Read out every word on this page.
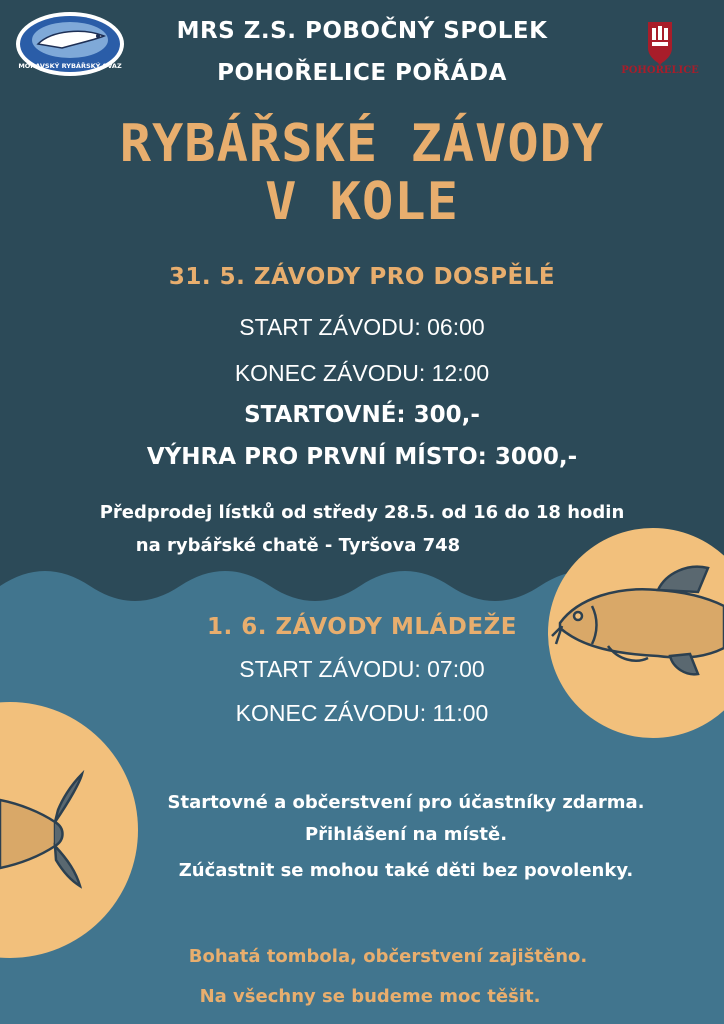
MORAVSKÝ RYBÁŘSKÝ SVAZ	POHOŘELICE
MRS Z.S. POBOČNÝ SPOLEK
POHOŘELICE POŘÁDA
RYBÁŘSKÉ ZÁVODY
V KOLE
31. 5. ZÁVODY PRO DOSPĚLÉ
START ZÁVODU: 06:00
KONEC ZÁVODU: 12:00
STARTOVNÉ: 300,-
VÝHRA PRO PRVNÍ MÍSTO: 3000,-
Předprodej lístků od středy 28.5. od 16 do 18 hodin
na rybářské chatě - Tyršova 748
1. 6. ZÁVODY MLÁDEŽE
START ZÁVODU: 07:00
KONEC ZÁVODU: 11:00
Startovné a občerstvení pro účastníky zdarma.
Přihlášení na místě.
Zúčastnit se mohou také děti bez povolenky.
Bohatá tombola, občerstvení zajištěno.
Na všechny se budeme moc těšit.
